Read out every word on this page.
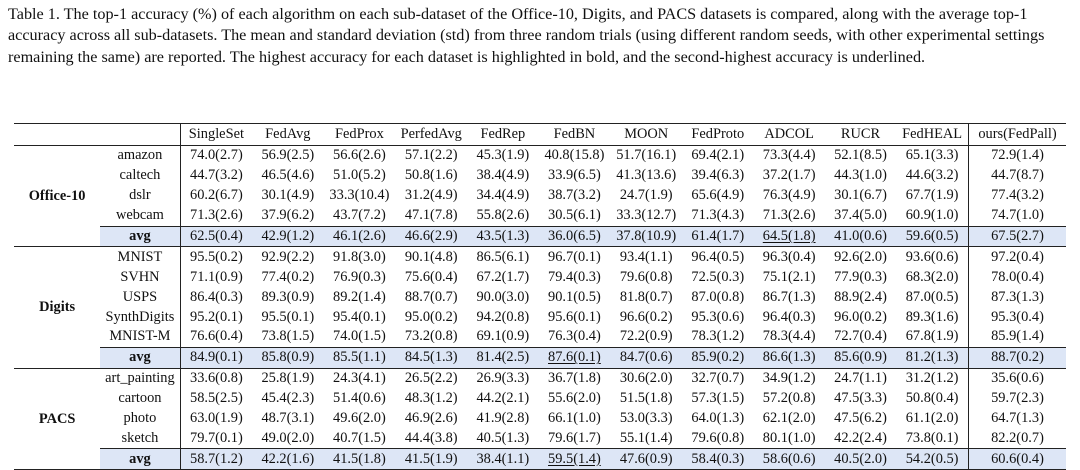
Table 1. The top-1 accuracy (%) of each algorithm on each sub-dataset of the Office-10, Digits, and PACS datasets is compared, along with the average top-1 accuracy across all sub-datasets. The mean and standard deviation (std) from three random trials (using different random seeds, with other experimental settings remaining the same) are reported. The highest accuracy for each dataset is highlighted in bold, and the second-highest accuracy is underlined.
		SingleSet	FedAvg	FedProx	PerfedAvg	FedRep	FedBN	MOON	FedProto	ADCOL	RUCR	FedHEAL	ours(FedPall)
Office-10	amazon	74.0(2.7)	56.9(2.5)	56.6(2.6)	57.1(2.2)	45.3(1.9)	40.8(15.8)	51.7(16.1)	69.4(2.1)	73.3(4.4)	52.1(8.5)	65.1(3.3)	72.9(1.4)
	caltech	44.7(3.2)	46.5(4.6)	51.0(5.2)	50.8(1.6)	38.4(4.9)	33.9(6.5)	41.3(13.6)	39.4(6.3)	37.2(1.7)	44.3(1.0)	44.6(3.2)	44.7(8.7)
	dslr	60.2(6.7)	30.1(4.9)	33.3(10.4)	31.2(4.9)	34.4(4.9)	38.7(3.2)	24.7(1.9)	65.6(4.9)	76.3(4.9)	30.1(6.7)	67.7(1.9)	77.4(3.2)
	webcam	71.3(2.6)	37.9(6.2)	43.7(7.2)	47.1(7.8)	55.8(2.6)	30.5(6.1)	33.3(12.7)	71.3(4.3)	71.3(2.6)	37.4(5.0)	60.9(1.0)	74.7(1.0)
	avg	62.5(0.4)	42.9(1.2)	46.1(2.6)	46.6(2.9)	43.5(1.3)	36.0(6.5)	37.8(10.9)	61.4(1.7)	64.5(1.8)	41.0(0.6)	59.6(0.5)	67.5(2.7)
Digits	MNIST	95.5(0.2)	92.9(2.2)	91.8(3.0)	90.1(4.8)	86.5(6.1)	96.7(0.1)	93.4(1.1)	96.4(0.5)	96.3(0.4)	92.6(2.0)	93.6(0.6)	97.2(0.4)
	SVHN	71.1(0.9)	77.4(0.2)	76.9(0.3)	75.6(0.4)	67.2(1.7)	79.4(0.3)	79.6(0.8)	72.5(0.3)	75.1(2.1)	77.9(0.3)	68.3(2.0)	78.0(0.4)
	USPS	86.4(0.3)	89.3(0.9)	89.2(1.4)	88.7(0.7)	90.0(3.0)	90.1(0.5)	81.8(0.7)	87.0(0.8)	86.7(1.3)	88.9(2.4)	87.0(0.5)	87.3(1.3)
	SynthDigits	95.2(0.1)	95.5(0.1)	95.4(0.1)	95.0(0.2)	94.2(0.8)	95.6(0.1)	96.6(0.2)	95.3(0.6)	96.4(0.3)	96.0(0.2)	89.3(1.6)	95.3(0.4)
	MNIST-M	76.6(0.4)	73.8(1.5)	74.0(1.5)	73.2(0.8)	69.1(0.9)	76.3(0.4)	72.2(0.9)	78.3(1.2)	78.3(4.4)	72.7(0.4)	67.8(1.9)	85.9(1.4)
	avg	84.9(0.1)	85.8(0.9)	85.5(1.1)	84.5(1.3)	81.4(2.5)	87.6(0.1)	84.7(0.6)	85.9(0.2)	86.6(1.3)	85.6(0.9)	81.2(1.3)	88.7(0.2)
PACS	art_painting	33.6(0.8)	25.8(1.9)	24.3(4.1)	26.5(2.2)	26.9(3.3)	36.7(1.8)	30.6(2.0)	32.7(0.7)	34.9(1.2)	24.7(1.1)	31.2(1.2)	35.6(0.6)
	cartoon	58.5(2.5)	45.4(2.3)	51.4(0.6)	48.3(1.2)	44.2(2.1)	55.6(2.0)	51.5(1.8)	57.3(1.5)	57.2(0.8)	47.5(3.3)	50.8(0.4)	59.7(2.3)
	photo	63.0(1.9)	48.7(3.1)	49.6(2.0)	46.9(2.6)	41.9(2.8)	66.1(1.0)	53.0(3.3)	64.0(1.3)	62.1(2.0)	47.5(6.2)	61.1(2.0)	64.7(1.3)
	sketch	79.7(0.1)	49.0(2.0)	40.7(1.5)	44.4(3.8)	40.5(1.3)	79.6(1.7)	55.1(1.4)	79.6(0.8)	80.1(1.0)	42.2(2.4)	73.8(0.1)	82.2(0.7)
	avg	58.7(1.2)	42.2(1.6)	41.5(1.8)	41.5(1.9)	38.4(1.1)	59.5(1.4)	47.6(0.9)	58.4(0.3)	58.6(0.6)	40.5(2.0)	54.2(0.5)	60.6(0.4)
